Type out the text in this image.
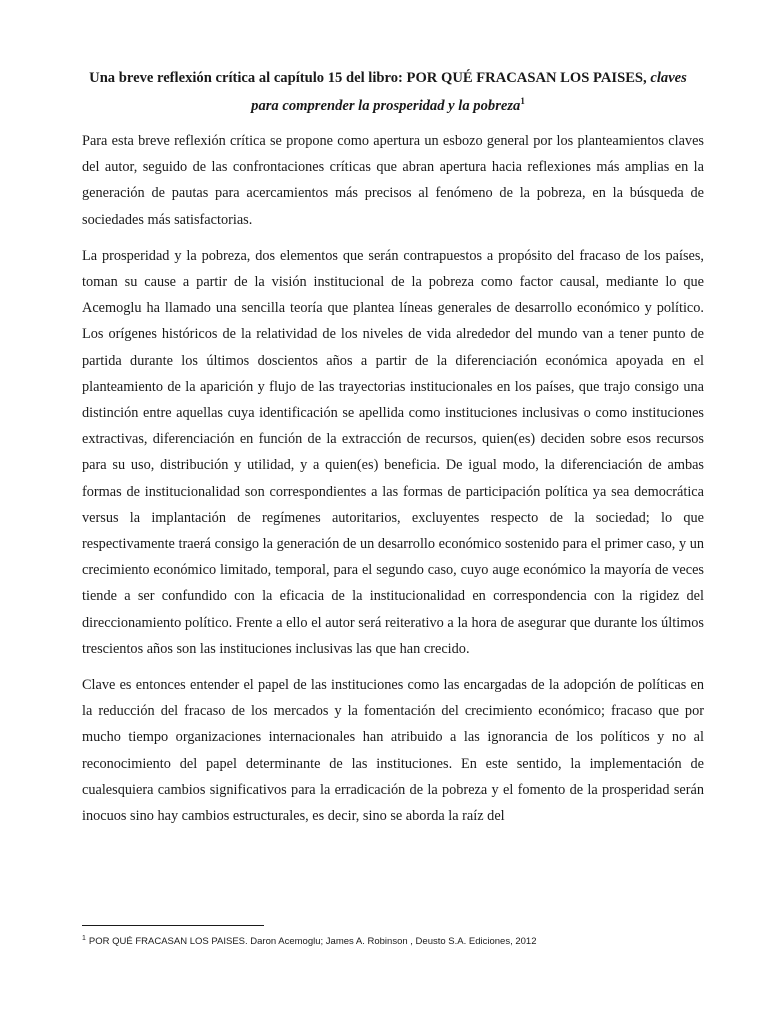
Una breve reflexión crítica al capítulo 15 del libro: POR QUÉ FRACASAN LOS PAISES, claves
para comprender la prosperidad y la pobreza$^1$

Para esta breve reflexión crítica se propone como apertura un esbozo general por los planteamientos claves del autor, seguido de las confrontaciones críticas que abran apertura hacia reflexiones más amplias en la generación de pautas para acercamientos más precisos al fenómeno de la pobreza, en la búsqueda de sociedades más satisfactorias.

La prosperidad y la pobreza, dos elementos que serán contrapuestos a propósito del fracaso de los países, toman su cause a partir de la visión institucional de la pobreza como factor causal, mediante lo que Acemoglu ha llamado una sencilla teoría que plantea líneas generales de desarrollo económico y político. Los orígenes históricos de la relatividad de los niveles de vida alrededor del mundo van a tener punto de partida durante los últimos doscientos años a partir de la diferenciación económica apoyada en el planteamiento de la aparición y flujo de las trayectorias institucionales en los países, que trajo consigo una distinción entre aquellas cuya identificación se apellida como instituciones inclusivas o como instituciones extractivas, diferenciación en función de la extracción de recursos, quien(es) deciden sobre esos recursos para su uso, distribución y utilidad, y a quien(es) beneficia. De igual modo, la diferenciación de ambas formas de institucionalidad son correspondientes a las formas de participación política ya sea democrática versus la implantación de regímenes autoritarios, excluyentes respecto de la sociedad; lo que respectivamente traerá consigo la generación de un desarrollo económico sostenido para el primer caso, y un crecimiento económico limitado, temporal, para el segundo caso, cuyo auge económico la mayoría de veces tiende a ser confundido con la eficacia de la institucionalidad en correspondencia con la rigidez del direccionamiento político. Frente a ello el autor será reiterativo a la hora de asegurar que durante los últimos trescientos años son las instituciones inclusivas las que han crecido.

Clave es entonces entender el papel de las instituciones como las encargadas de la adopción de políticas en la reducción del fracaso de los mercados y la fomentación del crecimiento económico; fracaso que por mucho tiempo organizaciones internacionales han atribuido a las ignorancia de los políticos y no al reconocimiento del papel determinante de las instituciones. En este sentido, la implementación de cualesquiera cambios significativos para la erradicación de la pobreza y el fomento de la prosperidad serán inocuos sino hay cambios estructurales, es decir, sino se aborda la raíz del

$^1$ POR QUÉ FRACASAN LOS PAISES. Daron Acemoglu; James A. Robinson , Deusto S.A. Ediciones, 2012
